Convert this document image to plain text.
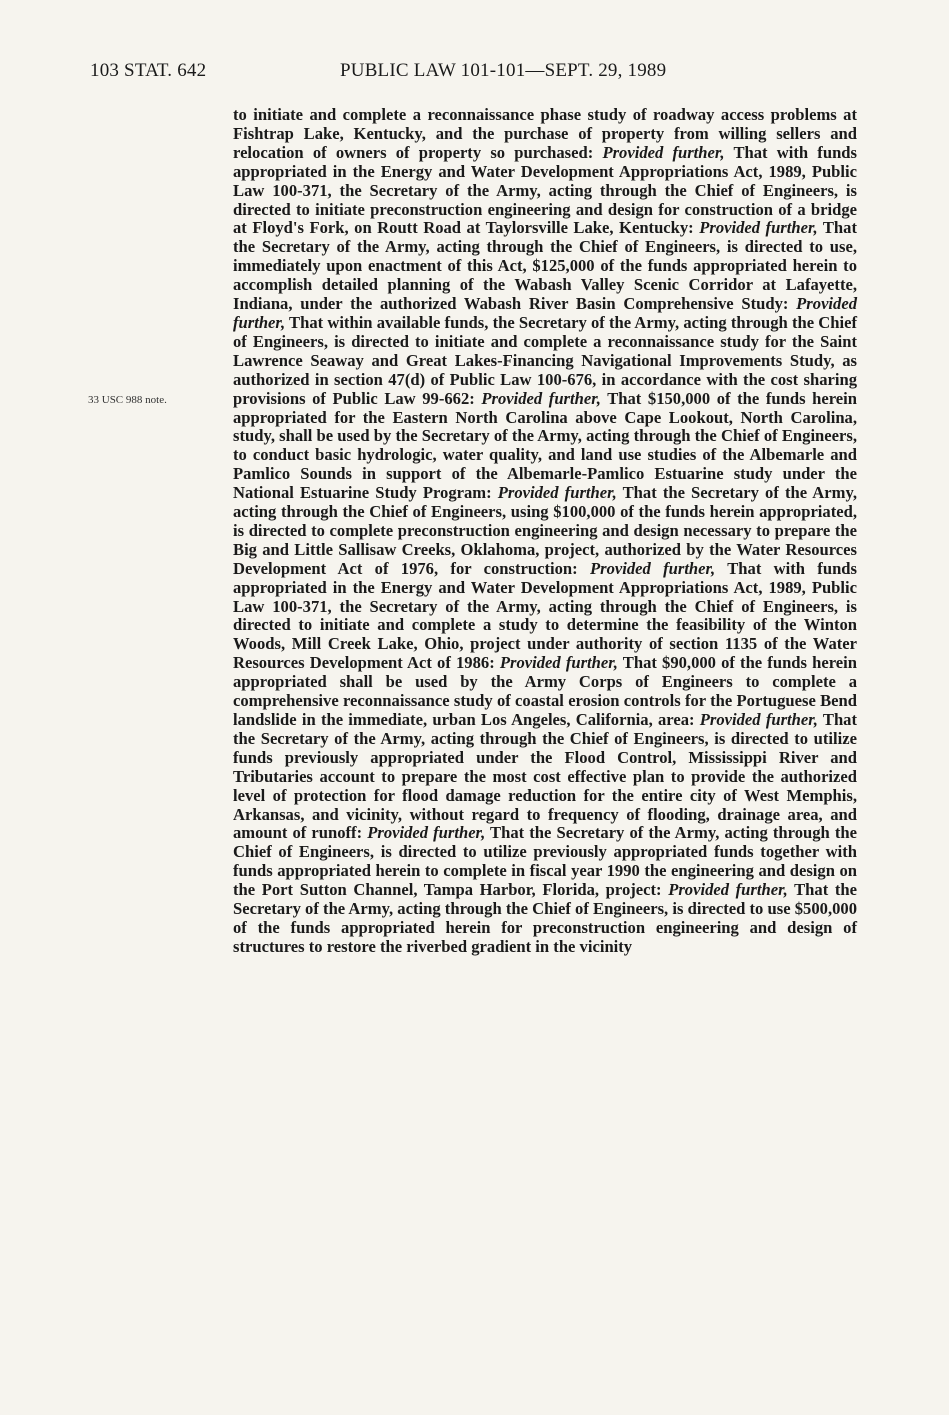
103 STAT. 642	PUBLIC LAW 101-101—SEPT. 29, 1989
33 USC 988 note.

to initiate and complete a reconnaissance phase study of roadway access problems at Fishtrap Lake, Kentucky, and the purchase of property from willing sellers and relocation of owners of property so purchased: Provided further, That with funds appropriated in the Energy and Water Development Appropriations Act, 1989, Public Law 100-371, the Secretary of the Army, acting through the Chief of Engineers, is directed to initiate preconstruction engineering and design for construction of a bridge at Floyd's Fork, on Routt Road at Taylorsville Lake, Kentucky: Provided further, That the Secretary of the Army, acting through the Chief of Engineers, is directed to use, immediately upon enactment of this Act, $125,000 of the funds appropriated herein to accomplish detailed planning of the Wabash Valley Scenic Corridor at Lafayette, Indiana, under the authorized Wabash River Basin Comprehensive Study: Provided further, That within available funds, the Secretary of the Army, acting through the Chief of Engineers, is directed to initiate and complete a reconnaissance study for the Saint Lawrence Seaway and Great Lakes-Financing Navigational Improvements Study, as authorized in section 47(d) of Public Law 100-676, in accordance with the cost sharing provisions of Public Law 99-662: Provided further, That $150,000 of the funds herein appropriated for the Eastern North Carolina above Cape Lookout, North Carolina, study, shall be used by the Secretary of the Army, acting through the Chief of Engineers, to conduct basic hydrologic, water quality, and land use studies of the Albemarle and Pamlico Sounds in support of the Albemarle-Pamlico Estuarine study under the National Estuarine Study Program: Provided further, That the Secretary of the Army, acting through the Chief of Engineers, using $100,000 of the funds herein appropriated, is directed to complete preconstruction engineering and design necessary to prepare the Big and Little Sallisaw Creeks, Oklahoma, project, authorized by the Water Resources Development Act of 1976, for construction: Provided further, That with funds appropriated in the Energy and Water Development Appropriations Act, 1989, Public Law 100-371, the Secretary of the Army, acting through the Chief of Engineers, is directed to initiate and complete a study to determine the feasibility of the Winton Woods, Mill Creek Lake, Ohio, project under authority of section 1135 of the Water Resources Development Act of 1986: Provided further, That $90,000 of the funds herein appropriated shall be used by the Army Corps of Engineers to complete a comprehensive reconnaissance study of coastal erosion controls for the Portuguese Bend landslide in the immediate, urban Los Angeles, California, area: Provided further, That the Secretary of the Army, acting through the Chief of Engineers, is directed to utilize funds previously appropriated under the Flood Control, Mississippi River and Tributaries account to prepare the most cost effective plan to provide the authorized level of protection for flood damage reduction for the entire city of West Memphis, Arkansas, and vicinity, without regard to frequency of flooding, drainage area, and amount of runoff: Provided further, That the Secretary of the Army, acting through the Chief of Engineers, is directed to utilize previously appropriated funds together with funds appropriated herein to complete in fiscal year 1990 the engineering and design on the Port Sutton Channel, Tampa Harbor, Florida, project: Provided further, That the Secretary of the Army, acting through the Chief of Engineers, is directed to use $500,000 of the funds appropriated herein for preconstruction engineering and design of structures to restore the riverbed gradient in the vicinity
